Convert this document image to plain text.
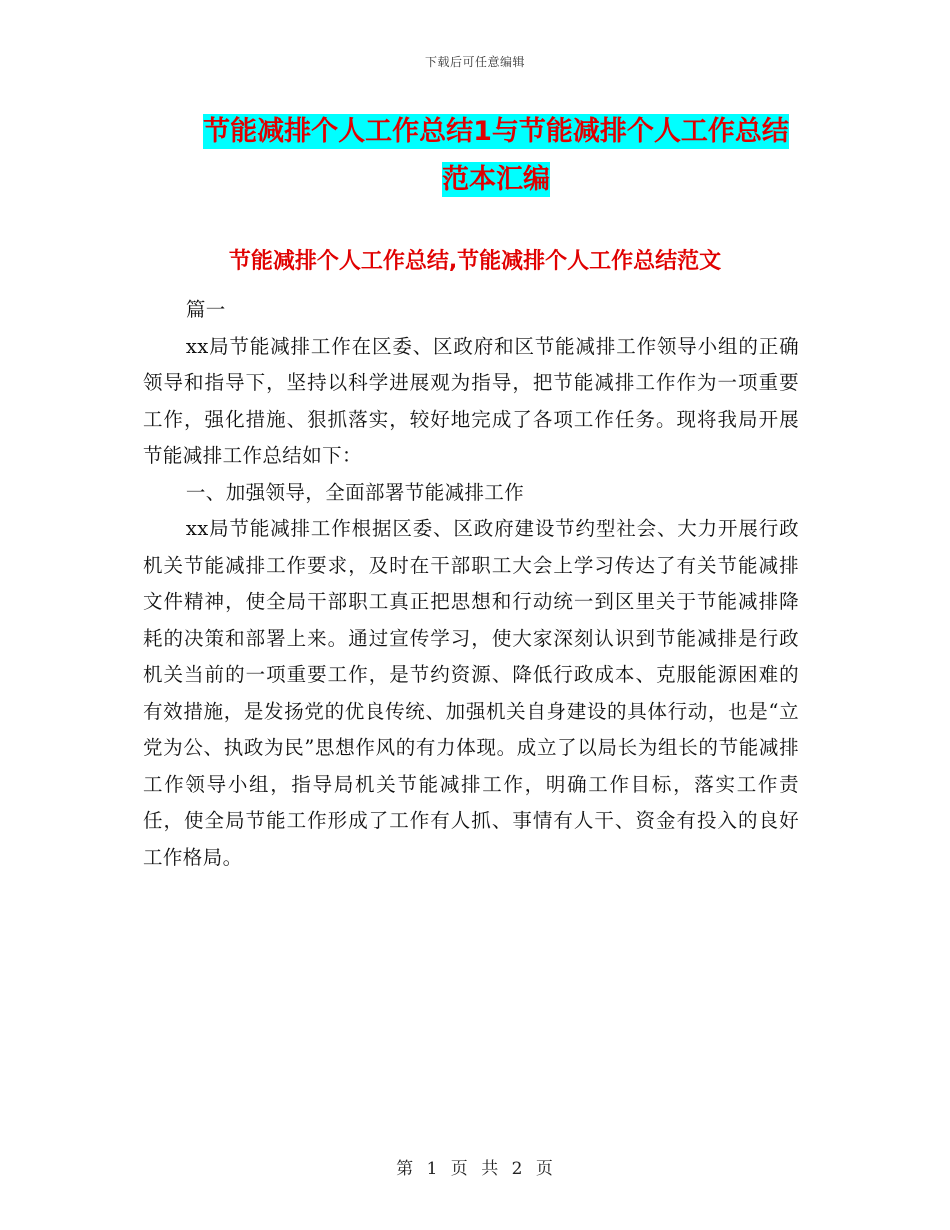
下载后可任意编辑
节能减排个人工作总结1与节能减排个人工作总结范本汇编
节能减排个人工作总结,节能减排个人工作总结范文

篇一

xx局节能减排工作在区委、区政府和区节能减排工作领导小组的正确领导和指导下，坚持以科学进展观为指导，把节能减排工作作为一项重要工作，强化措施、狠抓落实，较好地完成了各项工作任务。现将我局开展节能减排工作总结如下：

一、加强领导，全面部署节能减排工作

xx局节能减排工作根据区委、区政府建设节约型社会、大力开展行政机关节能减排工作要求，及时在干部职工大会上学习传达了有关节能减排文件精神，使全局干部职工真正把思想和行动统一到区里关于节能减排降耗的决策和部署上来。通过宣传学习，使大家深刻认识到节能减排是行政机关当前的一项重要工作，是节约资源、降低行政成本、克服能源困难的有效措施，是发扬党的优良传统、加强机关自身建设的具体行动，也是“立党为公、执政为民”思想作风的有力体现。成立了以局长为组长的节能减排工作领导小组，指导局机关节能减排工作，明确工作目标，落实工作责任，使全局节能工作形成了工作有人抓、事情有人干、资金有投入的良好工作格局。

第 1 页 共 2 页
